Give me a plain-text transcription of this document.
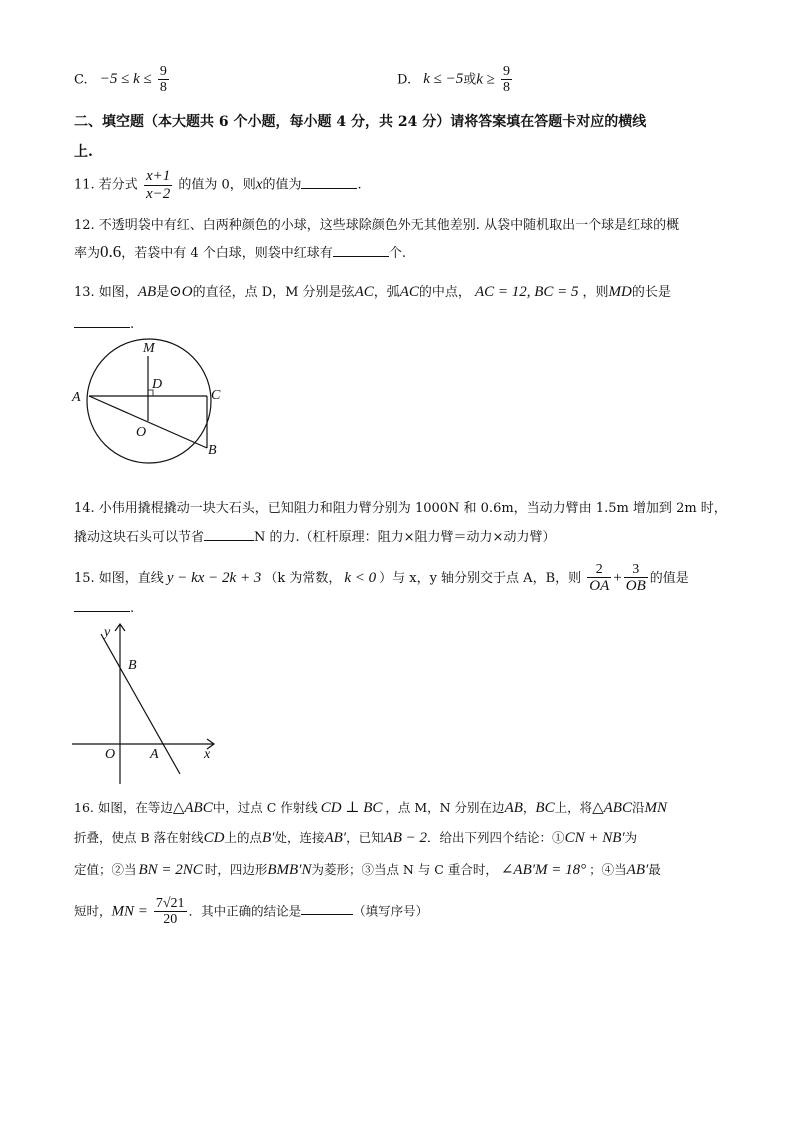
C. $-5 \le k \le \frac{9}{8}$	D. k ≤ −5或$k \ge \frac{9}{8}$
二、填空题（本大题共 6 个小题，每小题 4 分，共 24 分）请将答案填在答题卡对应的横线
上.
11. 若分式 $\frac{x+1}{x-2}$ 的值为 0，则x的值为	.
12. 不透明袋中有红、白两种颜色的小球，这些球除颜色外无其他差别. 从袋中随机取出一个球是红球的概
率为0.6，若袋中有 4 个白球，则袋中红球有	个.
13. 如图，AB是⊙O的直径，点 D，M 分别是弦AC，弧AC的中点， AC = 12, BC = 5 ，则MD的长是
.
M
D
A	C
O
B
14. 小伟用撬棍撬动一块大石头，已知阻力和阻力臂分别为 1000N 和 0.6m，当动力臂由 1.5m 增加到 2m 时，
撬动这块石头可以节省	N 的力.（杠杆原理：阻力×阻力臂＝动力×动力臂）
15. 如图，直线 y − kx − 2k + 3 （k 为常数， k < 0 ）与 x，y 轴分别交于点 A，B，则 $\frac{2}{OA} + \frac{3}{OB}$ 的值是
.
y
x
B
O A
16. 如图，在等边△ABC中，过点 C 作射线 CD ⊥ BC ，点 M，N 分别在边AB，BC上，将△ABC沿MN
折叠，使点 B 落在射线CD上的点B′处，连接AB′，已知AB − 2．给出下列四个结论：①CN + NB′为
定值；②当 BN = 2NC 时，四边形BMB′N为菱形；③当点 N 与 C 重合时， ∠AB′M = 18° ；④当AB′最
短时，MN = $\frac{7√21}{20}$ ．其中正确的结论是	（填写序号）
